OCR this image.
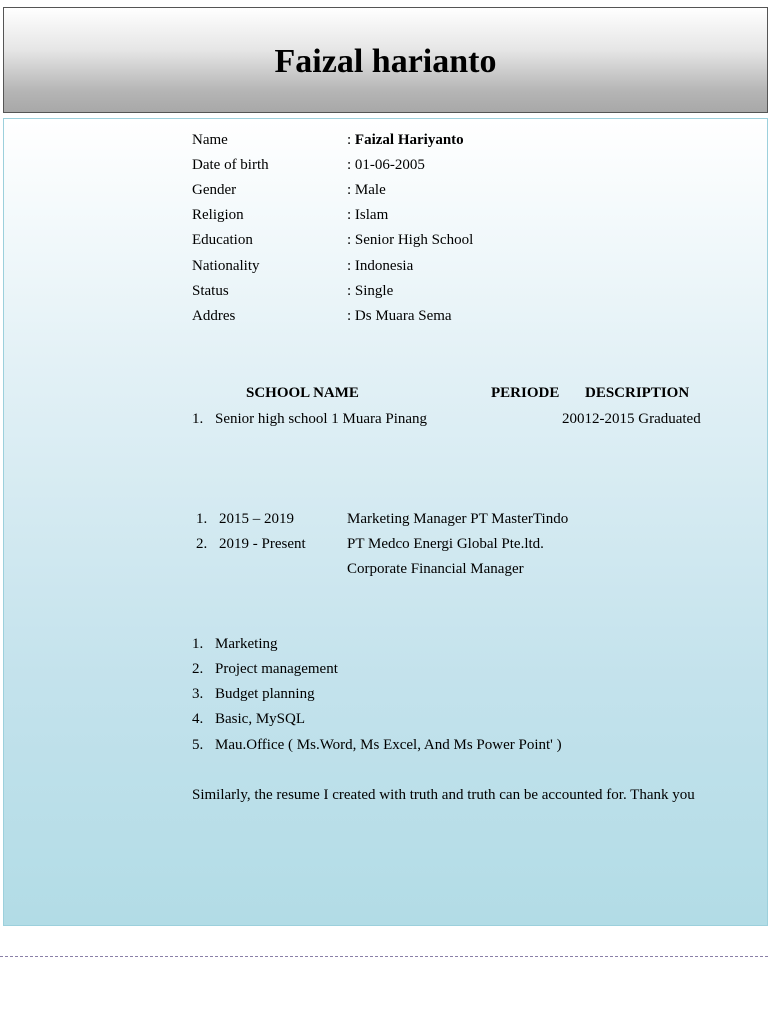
Faizal harianto
Name	: Faizal Hariyanto
Date of birth	: 01-06-2005
Gender	: Male
Religion	: Islam
Education	: Senior High School
Nationality	: Indonesia
Status	: Single
Addres	: Ds Muara Sema
SCHOOL NAME	PERIODE DESCRIPTION
1. Senior high school 1 Muara Pinang	20012-2015 Graduated
1. 2015 – 2019	Marketing Manager PT MasterTindo
2. 2019 - Present	PT Medco Energi Global Pte.ltd.
Corporate Financial Manager
1. Marketing
2. Project management
3. Budget planning
4. Basic, MySQL
5. Mau.Office ( Ms.Word, Ms Excel, And Ms Power Point' )
Similarly, the resume I created with truth and truth can be accounted for. Thank you
